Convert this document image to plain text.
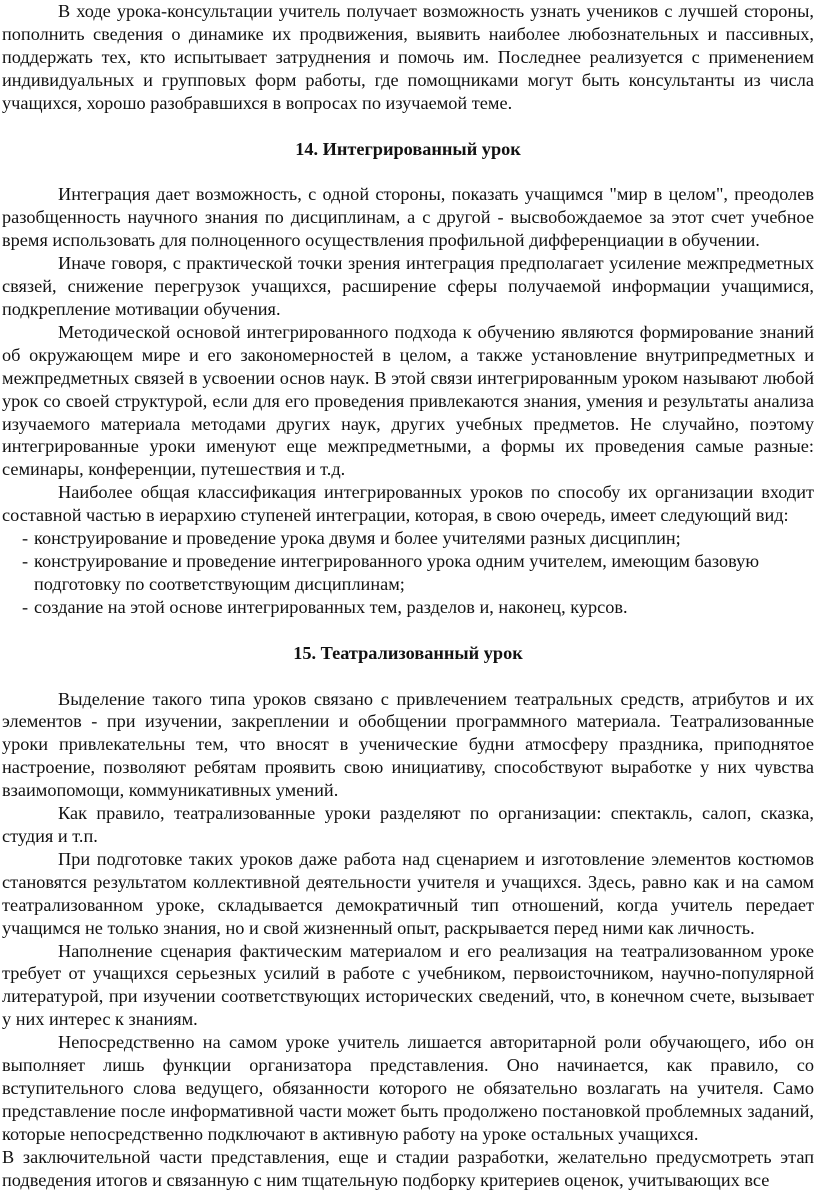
В ходе урока-консультации учитель получает возможность узнать учеников с лучшей стороны, пополнить сведения о динамике их продвижения, выявить наиболее любознательных и пассивных, поддержать тех, кто испытывает затруднения и помочь им. Последнее реализуется с применением индивидуальных и групповых форм работы, где помощниками могут быть консультанты из числа учащихся, хорошо разобравшихся в вопросах по изучаемой теме.

14. Интегрированный урок

Интеграция дает возможность, с одной стороны, показать учащимся "мир в целом", преодолев разобщенность научного знания по дисциплинам, а с другой - высвобождаемое за этот счет учебное время использовать для полноценного осуществления профильной дифференциации в обучении.

Иначе говоря, с практической точки зрения интеграция предполагает усиление межпредметных связей, снижение перегрузок учащихся, расширение сферы получаемой информации учащимися, подкрепление мотивации обучения.

Методической основой интегрированного подхода к обучению являются формирование знаний об окружающем мире и его закономерностей в целом, а также установление внутрипредметных и межпредметных связей в усвоении основ наук. В этой связи интегрированным уроком называют любой урок со своей структурой, если для его проведения привлекаются знания, умения и результаты анализа изучаемого материала методами других наук, других учебных предметов. Не случайно, поэтому интегрированные уроки именуют еще межпредметными, а формы их проведения самые разные: семинары, конференции, путешествия и т.д.

Наиболее общая классификация интегрированных уроков по способу их организации входит составной частью в иерархию ступеней интеграции, которая, в свою очередь, имеет следующий вид:

- конструирование и проведение урока двумя и более учителями разных дисциплин;
- конструирование и проведение интегрированного урока одним учителем, имеющим базовую подготовку по соответствующим дисциплинам;
- создание на этой основе интегрированных тем, разделов и, наконец, курсов.

15. Театрализованный урок

Выделение такого типа уроков связано с привлечением театральных средств, атрибутов и их элементов - при изучении, закреплении и обобщении программного материала. Театрализованные уроки привлекательны тем, что вносят в ученические будни атмосферу праздника, приподнятое настроение, позволяют ребятам проявить свою инициативу, способствуют выработке у них чувства взаимопомощи, коммуникативных умений.

Как правило, театрализованные уроки разделяют по организации: спектакль, салоп, сказка, студия и т.п.

При подготовке таких уроков даже работа над сценарием и изготовление элементов костюмов становятся результатом коллективной деятельности учителя и учащихся. Здесь, равно как и на самом театрализованном уроке, складывается демократичный тип отношений, когда учитель передает учащимся не только знания, но и свой жизненный опыт, раскрывается перед ними как личность.

Наполнение сценария фактическим материалом и его реализация на театрализованном уроке требует от учащихся серьезных усилий в работе с учебником, первоисточником, научно-популярной литературой, при изучении соответствующих исторических сведений, что, в конечном счете, вызывает у них интерес к знаниям.

Непосредственно на самом уроке учитель лишается авторитарной роли обучающего, ибо он выполняет лишь функции организатора представления. Оно начинается, как правило, со вступительного слова ведущего, обязанности которого не обязательно возлагать на учителя. Само представление после информативной части может быть продолжено постановкой проблемных заданий, которые непосредственно подключают в активную работу на уроке остальных учащихся.

В заключительной части представления, еще и стадии разработки, желательно предусмотреть этап подведения итогов и связанную с ним тщательную подборку критериев оценок, учитывающих все
